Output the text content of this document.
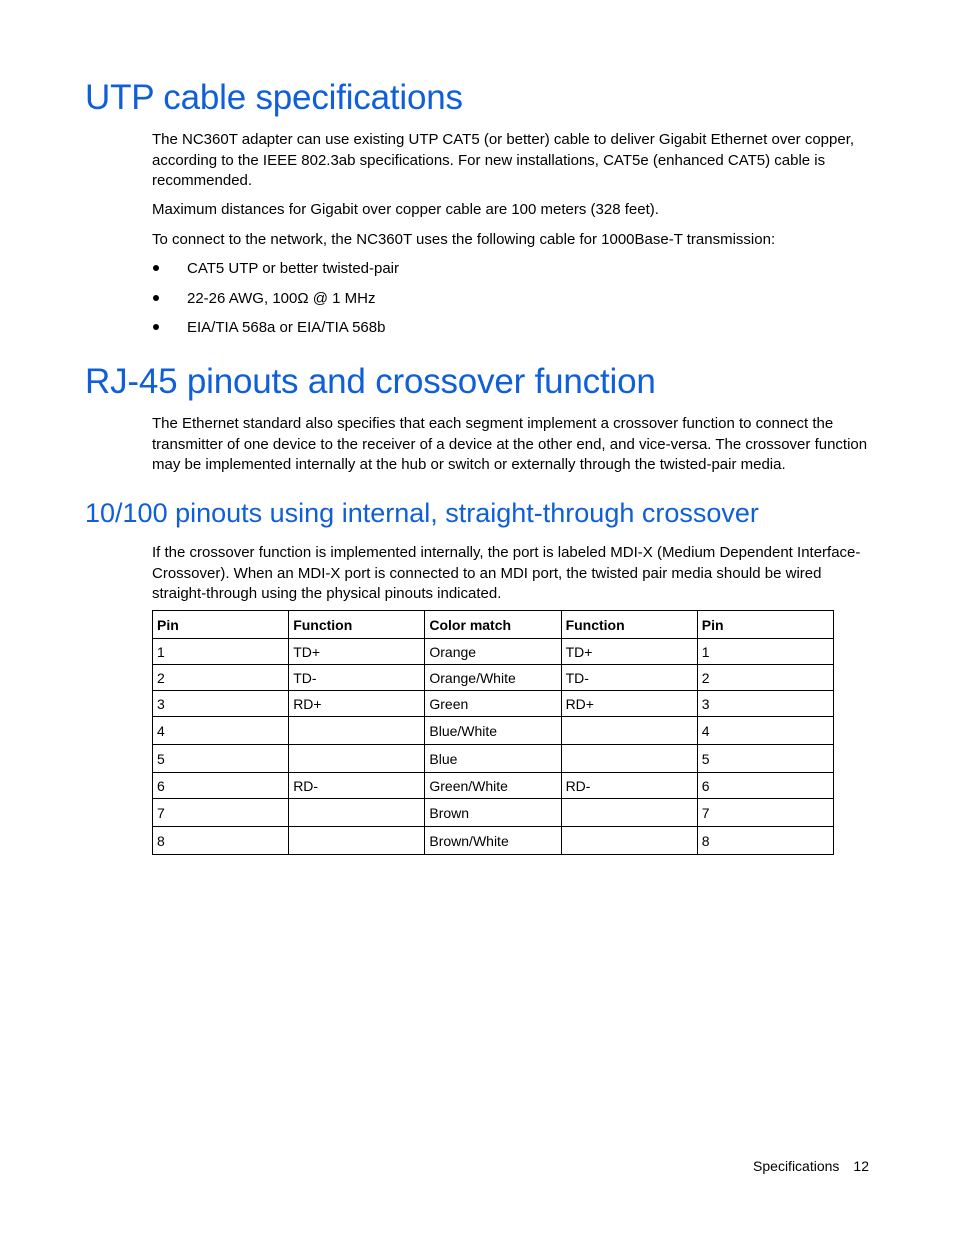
UTP cable specifications

The NC360T adapter can use existing UTP CAT5 (or better) cable to deliver Gigabit Ethernet over copper, according to the IEEE 802.3ab specifications. For new installations, CAT5e (enhanced CAT5) cable is recommended.

Maximum distances for Gigabit over copper cable are 100 meters (328 feet).

To connect to the network, the NC360T uses the following cable for 1000Base-T transmission:

CAT5 UTP or better twisted-pair
22-26 AWG, 100Ω @ 1 MHz
EIA/TIA 568a or EIA/TIA 568b
RJ-45 pinouts and crossover function

The Ethernet standard also specifies that each segment implement a crossover function to connect the transmitter of one device to the receiver of a device at the other end, and vice-versa. The crossover function may be implemented internally at the hub or switch or externally through the twisted-pair media.

10/100 pinouts using internal, straight-through crossover

If the crossover function is implemented internally, the port is labeled MDI-X (Medium Dependent Interface-Crossover). When an MDI-X port is connected to an MDI port, the twisted pair media should be wired straight-through using the physical pinouts indicated.

Pin	Function	Color match	Function	Pin
1	TD+	Orange	TD+	1
2	TD-	Orange/White	TD-	2
3	RD+	Green	RD+	3
4		Blue/White		4
5		Blue		5
6	RD-	Green/White	RD-	6
7		Brown		7
8		Brown/White		8
Specifications 12
